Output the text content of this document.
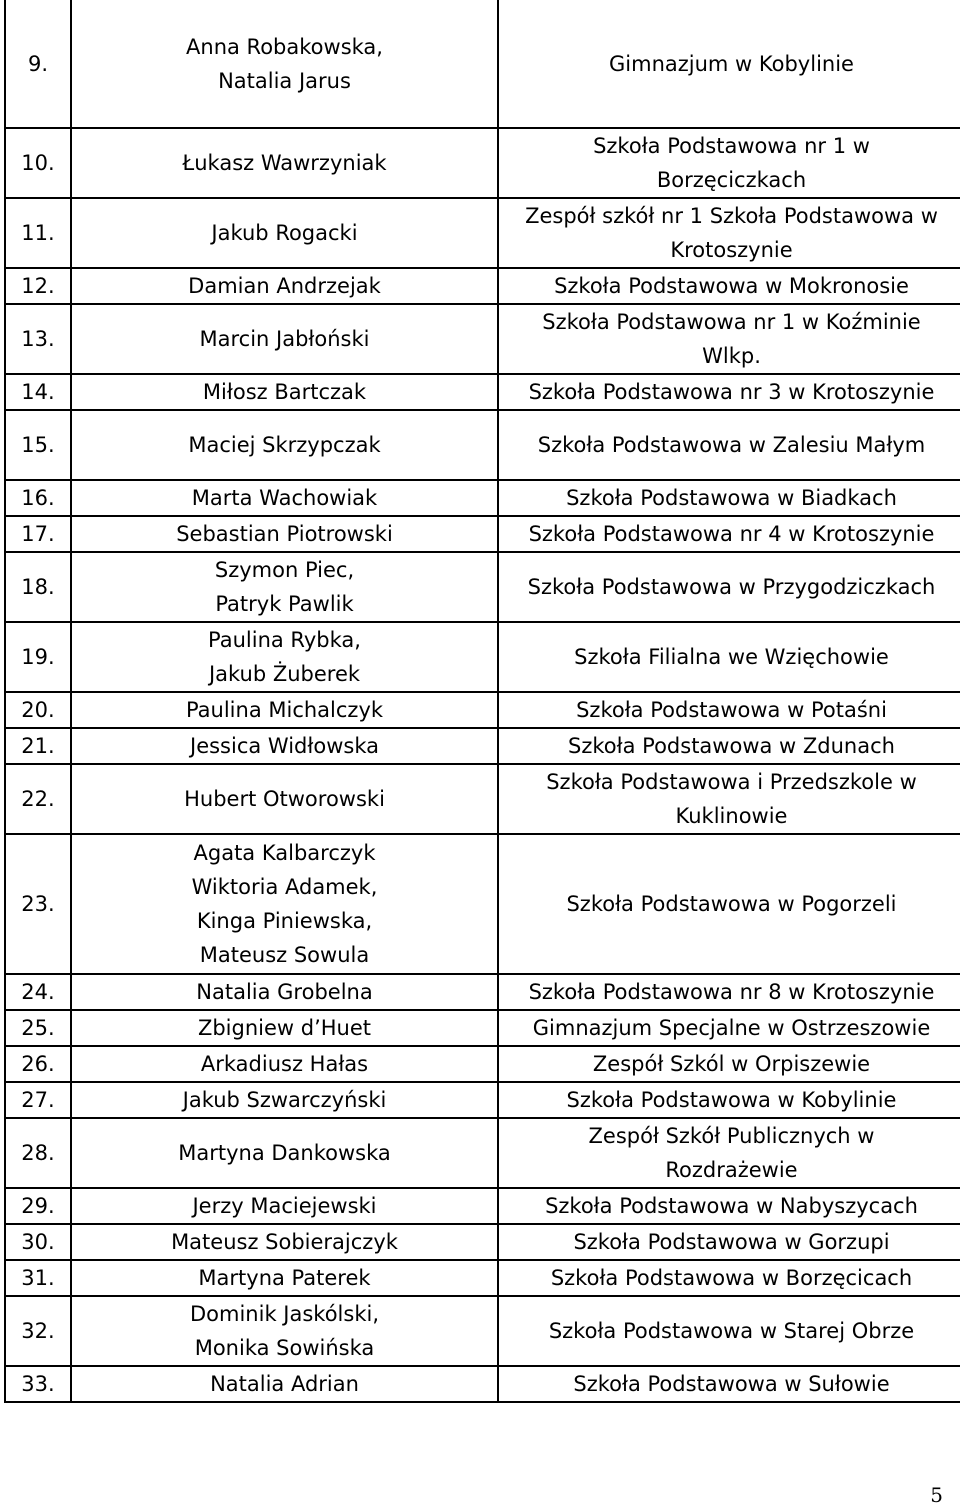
9.	Anna Robakowska,
Natalia Jarus	Gimnazjum w Kobylinie

10.	Łukasz Wawrzyniak	Szkoła Podstawowa nr 1 w
Borzęciczkach

11.	Jakub Rogacki	Zespół szkół nr 1 Szkoła Podstawowa w
Krotoszynie

12.	Damian Andrzejak	Szkoła Podstawowa w Mokronosie

13.	Marcin Jabłoński	Szkoła Podstawowa nr 1 w Koźminie
Wlkp.

14.	Miłosz Bartczak	Szkoła Podstawowa nr 3 w Krotoszynie

15.	Maciej Skrzypczak	Szkoła Podstawowa w Zalesiu Małym

16.	Marta Wachowiak	Szkoła Podstawowa w Biadkach

17.	Sebastian Piotrowski	Szkoła Podstawowa nr 4 w Krotoszynie

18.	Szymon Piec,
Patryk Pawlik	Szkoła Podstawowa w Przygodziczkach

19.	Paulina Rybka,
Jakub Żuberek	Szkoła Filialna we Wzięchowie

20.	Paulina Michalczyk	Szkoła Podstawowa w Potaśni

21.	Jessica Widłowska	Szkoła Podstawowa w Zdunach

22.	Hubert Otworowski	Szkoła Podstawowa i Przedszkole w
Kuklinowie

23.	Agata Kalbarczyk
Wiktoria Adamek,
Kinga Piniewska,
Mateusz Sowula	Szkoła Podstawowa w Pogorzeli

24.	Natalia Grobelna	Szkoła Podstawowa nr 8 w Krotoszynie

25.	Zbigniew d’Huet	Gimnazjum Specjalne w Ostrzeszowie

26.	Arkadiusz Hałas	Zespół Szkól w Orpiszewie

27.	Jakub Szwarczyński	Szkoła Podstawowa w Kobylinie

28.	Martyna Dankowska	Zespół Szkół Publicznych w
Rozdrażewie

29.	Jerzy Maciejewski	Szkoła Podstawowa w Nabyszycach

30.	Mateusz Sobierajczyk	Szkoła Podstawowa w Gorzupi

31.	Martyna Paterek	Szkoła Podstawowa w Borzęcicach

32.	Dominik Jaskólski,
Monika Sowińska	Szkoła Podstawowa w Starej Obrze

33.	Natalia Adrian	Szkoła Podstawowa w Sułowie
5
